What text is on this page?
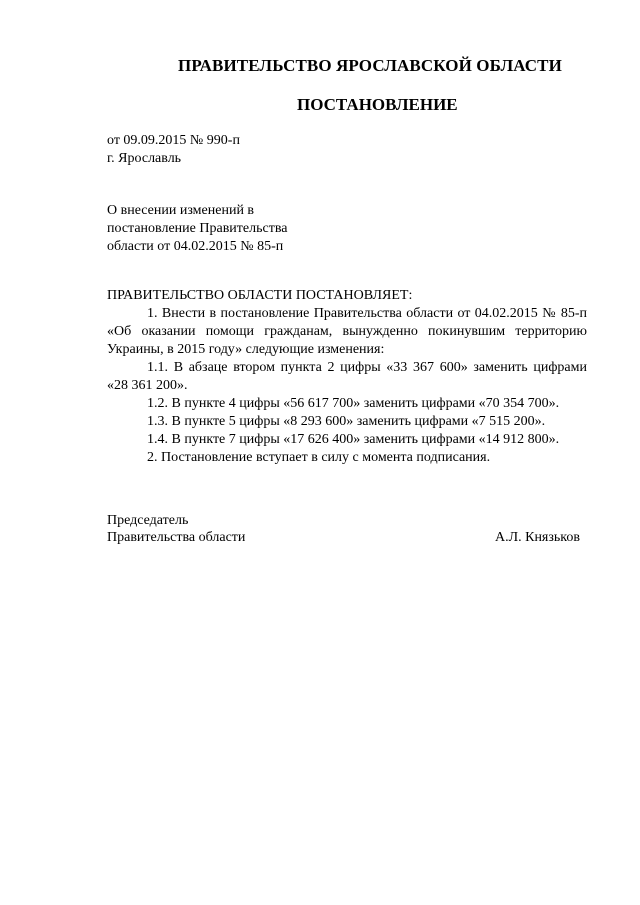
ПРАВИТЕЛЬСТВО ЯРОСЛАВСКОЙ ОБЛАСТИ
ПОСТАНОВЛЕНИЕ
от 09.09.2015 № 990-п
г. Ярославль
О внесении изменений в
постановление Правительства
области от 04.02.2015 № 85-п

ПРАВИТЕЛЬСТВО ОБЛАСТИ ПОСТАНОВЛЯЕТ:

1. Внести в постановление Правительства области от 04.02.2015 № 85-п «Об оказании помощи гражданам, вынужденно покинувшим территорию Украины, в 2015 году» следующие изменения:

1.1. В абзаце втором пункта 2 цифры «33 367 600» заменить цифрами «28 361 200».

1.2. В пункте 4 цифры «56 617 700» заменить цифрами «70 354 700».

1.3. В пункте 5 цифры «8 293 600» заменить цифрами «7 515 200».

1.4. В пункте 7 цифры «17 626 400» заменить цифрами «14 912 800».

2. Постановление вступает в силу с момента подписания.

Председатель
Правительства области	А.Л. Князьков
